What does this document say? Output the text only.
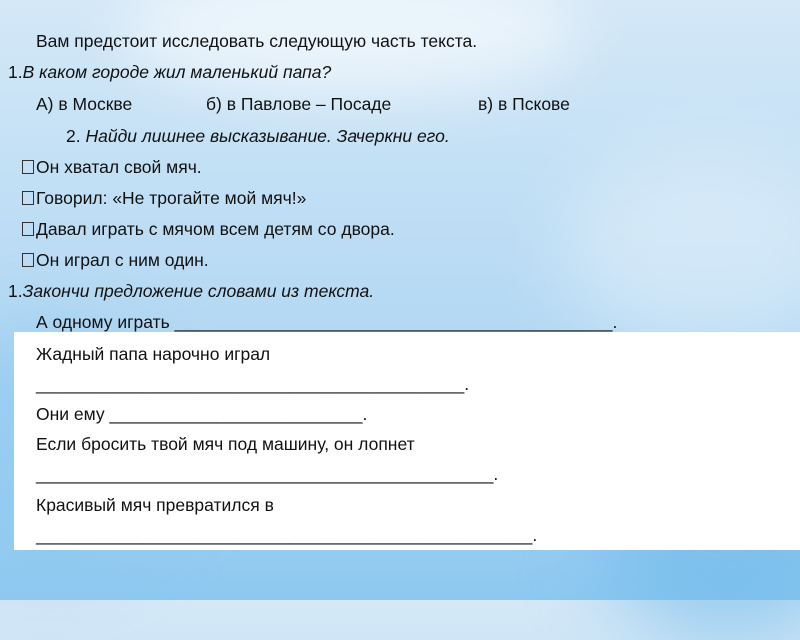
Вам предстоит исследовать следующую часть текста.
1.В каком городе жил маленький папа?
А) в Москве	б) в Павлове – Посаде	в) в Пскове
2. Найди лишнее высказывание. Зачеркни его.
Он хватал свой мяч.
Говорил: «Не трогайте мой мяч!»
Давал играть с мячом всем детям со двора.
Он играл с ним один.
1.Закончи предложение словами из текста.
А одному играть _____________________________________________.
Жадный папа нарочно играл
____________________________________________.
Они ему __________________________.
Если бросить твой мяч под машину, он лопнет
_______________________________________________.
Красивый мяч превратился в
___________________________________________________.
